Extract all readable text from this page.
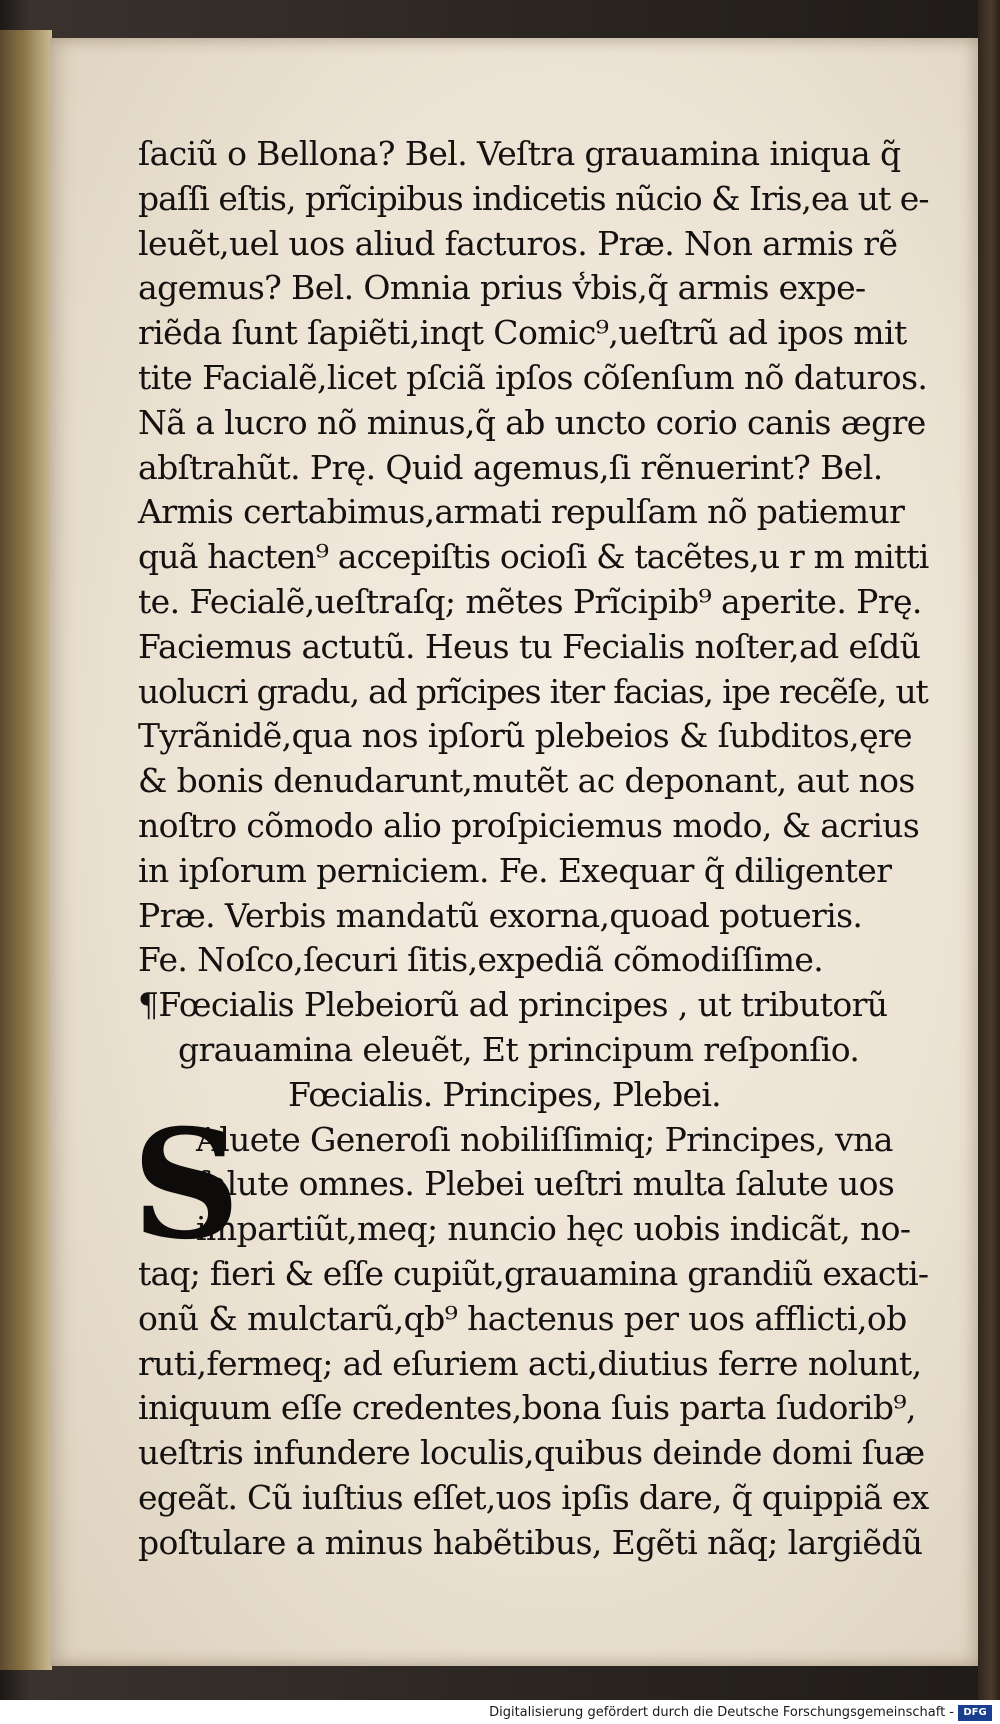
ſaciũ o Bellona? Bel. Veſtra grauamina iniqua q̃
paſſi eſtis, prĩcipibus indicetis nũcio & Iris,ea ut e-
leuẽt,uel uos aliud facturos. Præ. Non armis rẽ
agemus? Bel. Omnia prius v̾bis,q̃ armis expe-
riẽda ſunt ſapiẽti,inqt Comic⁹,ueſtrũ ad ipos mit
tite Facialẽ,licet pſciã ipſos cõſenſum nõ daturos.
Nã a lucro nõ minus,q̃ ab uncto corio canis ægre
abſtrahũt. Prę. Quid agemus,ſi rẽnuerint? Bel.
Armis certabimus,armati repulſam nõ patiemur
quã hacten⁹ accepiſtis ocioſi & tacẽtes,u r m mitti
te. Fecialẽ,ueſtraſq; mẽtes Prĩcipib⁹ aperite. Prę.
Faciemus actutũ. Heus tu Fecialis noſter,ad eſdũ
uolucri gradu, ad prĩcipes iter facias, ipe recẽſe, ut
Tyrãnidẽ,qua nos ipſorũ plebeios & ſubditos,ęre
& bonis denudarunt,mutẽt ac deponant, aut nos
noſtro cõmodo alio proſpiciemus modo, & acrius
in ipſorum perniciem. Fe. Exequar q̃ diligenter
Præ. Verbis mandatũ exorna,quoad potueris.
Fe. Noſco,ſecuri ſitis,expediã cõmodiſſime.
¶Fœcialis Plebeiorũ ad principes , ut tributorũ
grauamina eleuẽt, Et principum reſponſio.
Fœcialis. Principes, Plebei.
S
Aluete Generoſi nobiliſſimiq; Principes, vna
ſalute omnes. Plebei ueſtri multa ſalute uos
impartiũt,meq; nuncio hęc uobis indicãt, no-
taq; fieri & eſſe cupiũt,grauamina grandiũ exacti-
onũ & mulctarũ,qb⁹ hactenus per uos afflicti,ob
ruti,fermeq; ad eſuriem acti,diutius ferre nolunt,
iniquum eſſe credentes,bona ſuis parta ſudorib⁹,
ueſtris infundere loculis,quibus deinde domi ſuæ
egeãt. Cũ iuſtius eſſet,uos ipſis dare, q̃ quippiã ex
poſtulare a minus habẽtibus, Egẽti nãq; largiẽdũ
Digitalisierung gefördert durch die Deutsche Forschungsgemeinschaft - DFG
